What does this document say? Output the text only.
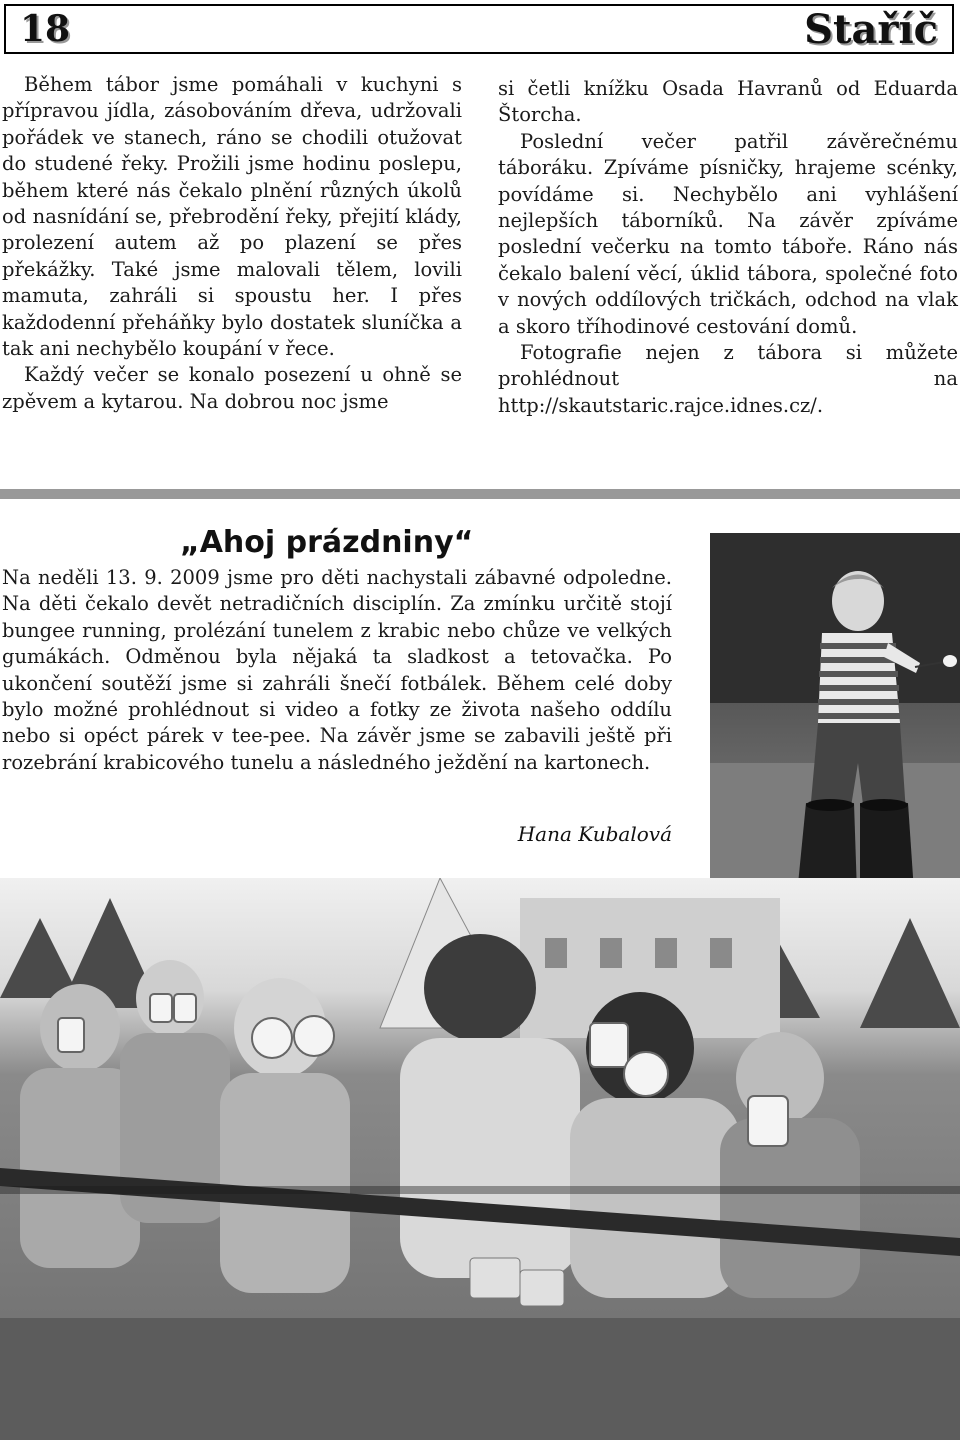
18	Staříč

Během tábor jsme pomáhali v kuchyni s přípravou jídla, zásobováním dřeva, udržovali pořádek ve stanech, ráno se chodili otužovat do studené řeky. Prožili jsme hodinu poslepu, během které nás čekalo plnění různých úkolů od nasnídání se, přebrodění řeky, přejití klády, prolezení autem až po plazení se přes překážky. Také jsme malovali tělem, lovili mamuta, zahráli si spoustu her. I přes každodenní přeháňky bylo dostatek sluníčka a tak ani nechybělo koupání v řece.

Každý večer se konalo posezení u ohně se zpěvem a kytarou. Na dobrou noc jsme

si četli knížku Osada Havranů od Eduarda Štorcha.

Poslední večer patřil závěrečnému táboráku. Zpíváme písničky, hrajeme scénky, povídáme si. Nechybělo ani vyhlášení nejlepších táborníků. Na závěr zpíváme poslední večerku na tomto táboře. Ráno nás čekalo balení věcí, úklid tábora, společné foto v nových oddílových tričkách, odchod na vlak a skoro tříhodinové cestování domů.

Fotografie nejen z tábora si můžete prohlédnout na http://skautstaric.rajce.idnes.cz/.

„Ahoj prázdniny“

Na neděli 13. 9. 2009 jsme pro děti nachystali zábavné odpoledne. Na děti čekalo devět netradičních disciplín. Za zmínku určitě stojí bungee running, prolézání tunelem z krabic nebo chůze ve velkých gumákách. Odměnou byla nějaká ta sladkost a tetovačka. Po ukončení soutěží jsme si zahráli šnečí fotbálek. Během celé doby bylo možné prohlédnout si video a fotky ze života našeho oddílu nebo si opéct párek v tee-pee. Na závěr jsme se zabavili ještě při rozebrání krabicového tunelu a následného ježdění na kartonech.

Hana Kubalová
